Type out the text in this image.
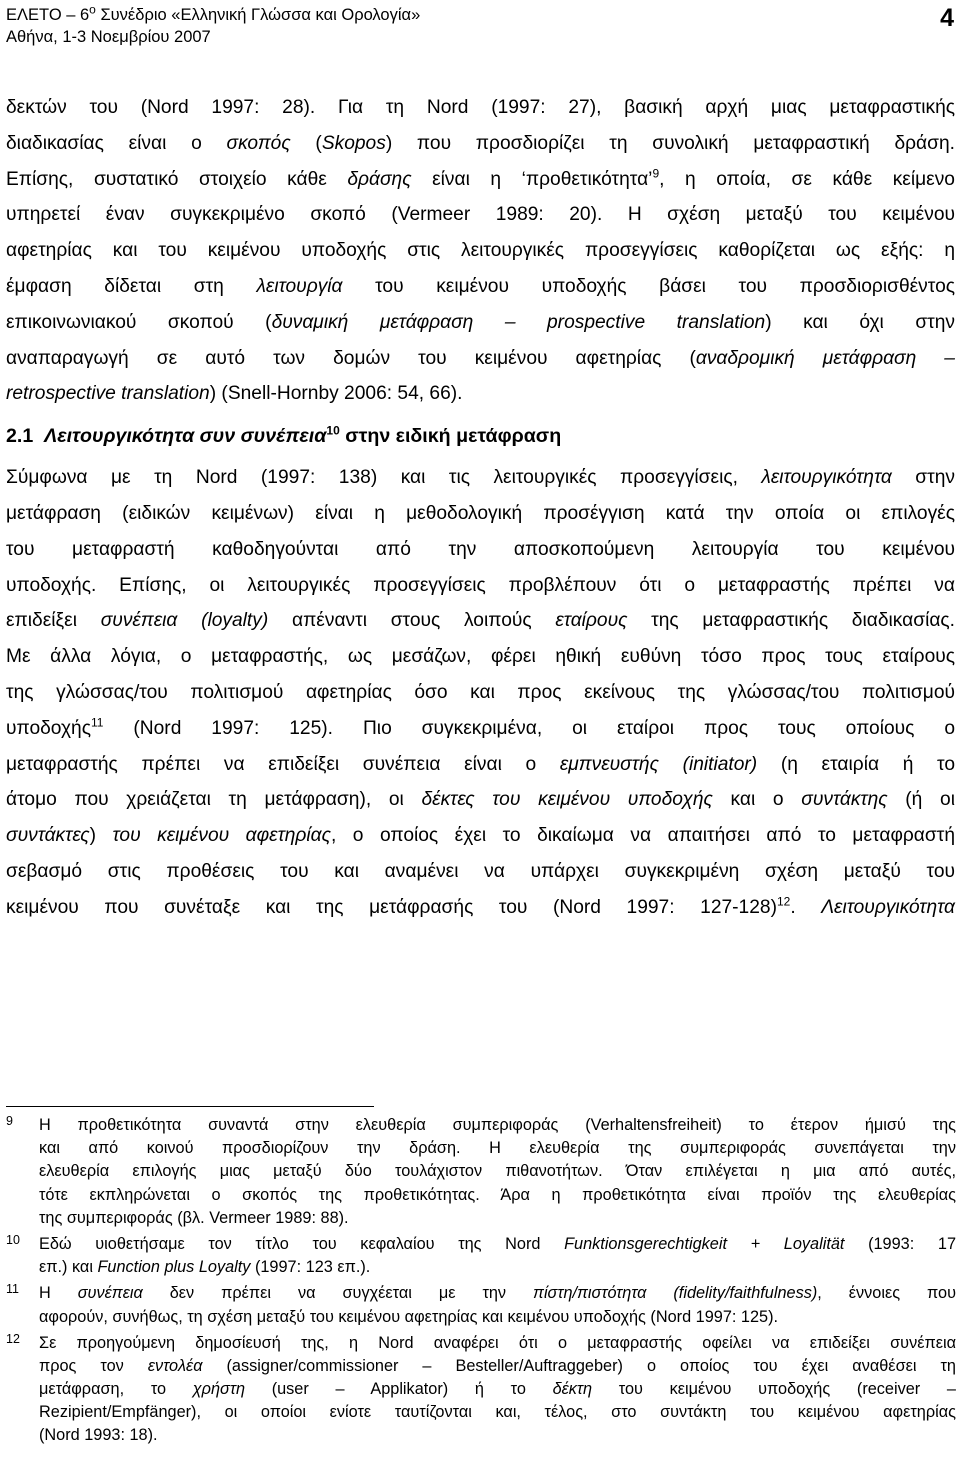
ΕΛΕΤΟ – $6^o$ Συνέδριο «Ελληνική Γλώσσα και Ορολογία»
Αθήνα, 1-3 Νοεμβρίου 2007
4
δεκτών του (Nord 1997: 28). Για τη Nord (1997: 27), βασική αρχή μιας μεταφραστικής
διαδικασίας είναι ο σκοπός (Skopos) που προσδιορίζει τη συνολική μεταφραστική δράση.
Επίσης, συστατικό στοιχείο κάθε δράσης είναι η ‘προθετικότητα’$^9$, η οποία, σε κάθε κείμενο
υπηρετεί έναν συγκεκριμένο σκοπό (Vermeer 1989: 20). Η σχέση μεταξύ του κειμένου
αφετηρίας και του κειμένου υποδοχής στις λειτουργικές προσεγγίσεις καθορίζεται ως εξής: η
έμφαση δίδεται στη λειτουργία του κειμένου υποδοχής βάσει του προσδιορισθέντος
επικοινωνιακού σκοπού (δυναμική μετάφραση – prospective translation) και όχι στην
αναπαραγωγή σε αυτό των δομών του κειμένου αφετηρίας (αναδρομική μετάφραση –
retrospective translation) (Snell-Hornby 2006: 54, 66).
2.1 Λειτουργικότητα συν συνέπεια$^{10}$ στην ειδική μετάφραση
Σύμφωνα με τη Nord (1997: 138) και τις λειτουργικές προσεγγίσεις, λειτουργικότητα στην
μετάφραση (ειδικών κειμένων) είναι η μεθοδολογική προσέγγιση κατά την οποία οι επιλογές
του μεταφραστή καθοδηγούνται από την αποσκοπούμενη λειτουργία του κειμένου
υποδοχής. Επίσης, οι λειτουργικές προσεγγίσεις προβλέπουν ότι ο μεταφραστής πρέπει να
επιδείξει συνέπεια (loyalty) απέναντι στους λοιπούς εταίρους της μεταφραστικής διαδικασίας.
Με άλλα λόγια, ο μεταφραστής, ως μεσάζων, φέρει ηθική ευθύνη τόσο προς τους εταίρους
της γλώσσας/του πολιτισμού αφετηρίας όσο και προς εκείνους της γλώσσας/του πολιτισμού
υποδοχής$^{11}$ (Nord 1997: 125). Πιο συγκεκριμένα, οι εταίροι προς τους οποίους ο
μεταφραστής πρέπει να επιδείξει συνέπεια είναι ο εμπνευστής (initiator) (η εταιρία ή το
άτομο που χρειάζεται τη μετάφραση), οι δέκτες του κειμένου υποδοχής και ο συντάκτης (ή οι
συντάκτες) του κειμένου αφετηρίας, ο οποίος έχει το δικαίωμα να απαιτήσει από το μεταφραστή
σεβασμό στις προθέσεις του και αναμένει να υπάρχει συγκεκριμένη σχέση μεταξύ του
κειμένου που συνέταξε και της μετάφρασής του (Nord 1997: 127-128)$^{12}$. Λειτουργικότητα
9 Η προθετικότητα συναντά στην ελευθερία συμπεριφοράς (Verhaltensfreiheit) το έτερον ήμισύ της
και από κοινού προσδιορίζουν την δράση. Η ελευθερία της συμπεριφοράς συνεπάγεται την
ελευθερία επιλογής μιας μεταξύ δύο τουλάχιστον πιθανοτήτων. Όταν επιλέγεται η μια από αυτές,
τότε εκπληρώνεται ο σκοπός της προθετικότητας. Άρα η προθετικότητα είναι προϊόν της ελευθερίας
της συμπεριφοράς (βλ. Vermeer 1989: 88).
10 Εδώ υιοθετήσαμε τον τίτλο του κεφαλαίου της Nord Funktionsgerechtigkeit + Loyalität (1993: 17
επ.) και Function plus Loyalty (1997: 123 επ.).
11 Η συνέπεια δεν πρέπει να συγχέεται με την πίστη/πιστότητα (fidelity/faithfulness), έννοιες που
αφορούν, συνήθως, τη σχέση μεταξύ του κειμένου αφετηρίας και κειμένου υποδοχής (Nord 1997: 125).
12 Σε προηγούμενη δημοσίευσή της, η Nord αναφέρει ότι ο μεταφραστής οφείλει να επιδείξει συνέπεια
προς τον εντολέα (assigner/commissioner – Besteller/Auftraggeber) ο οποίος του έχει αναθέσει τη
μετάφραση, το χρήστη (user – Applikator) ή το δέκτη του κειμένου υποδοχής (receiver –
Rezipient/Empfänger), οι οποίοι ενίοτε ταυτίζονται και, τέλος, στο συντάκτη του κειμένου αφετηρίας
(Nord 1993: 18).
